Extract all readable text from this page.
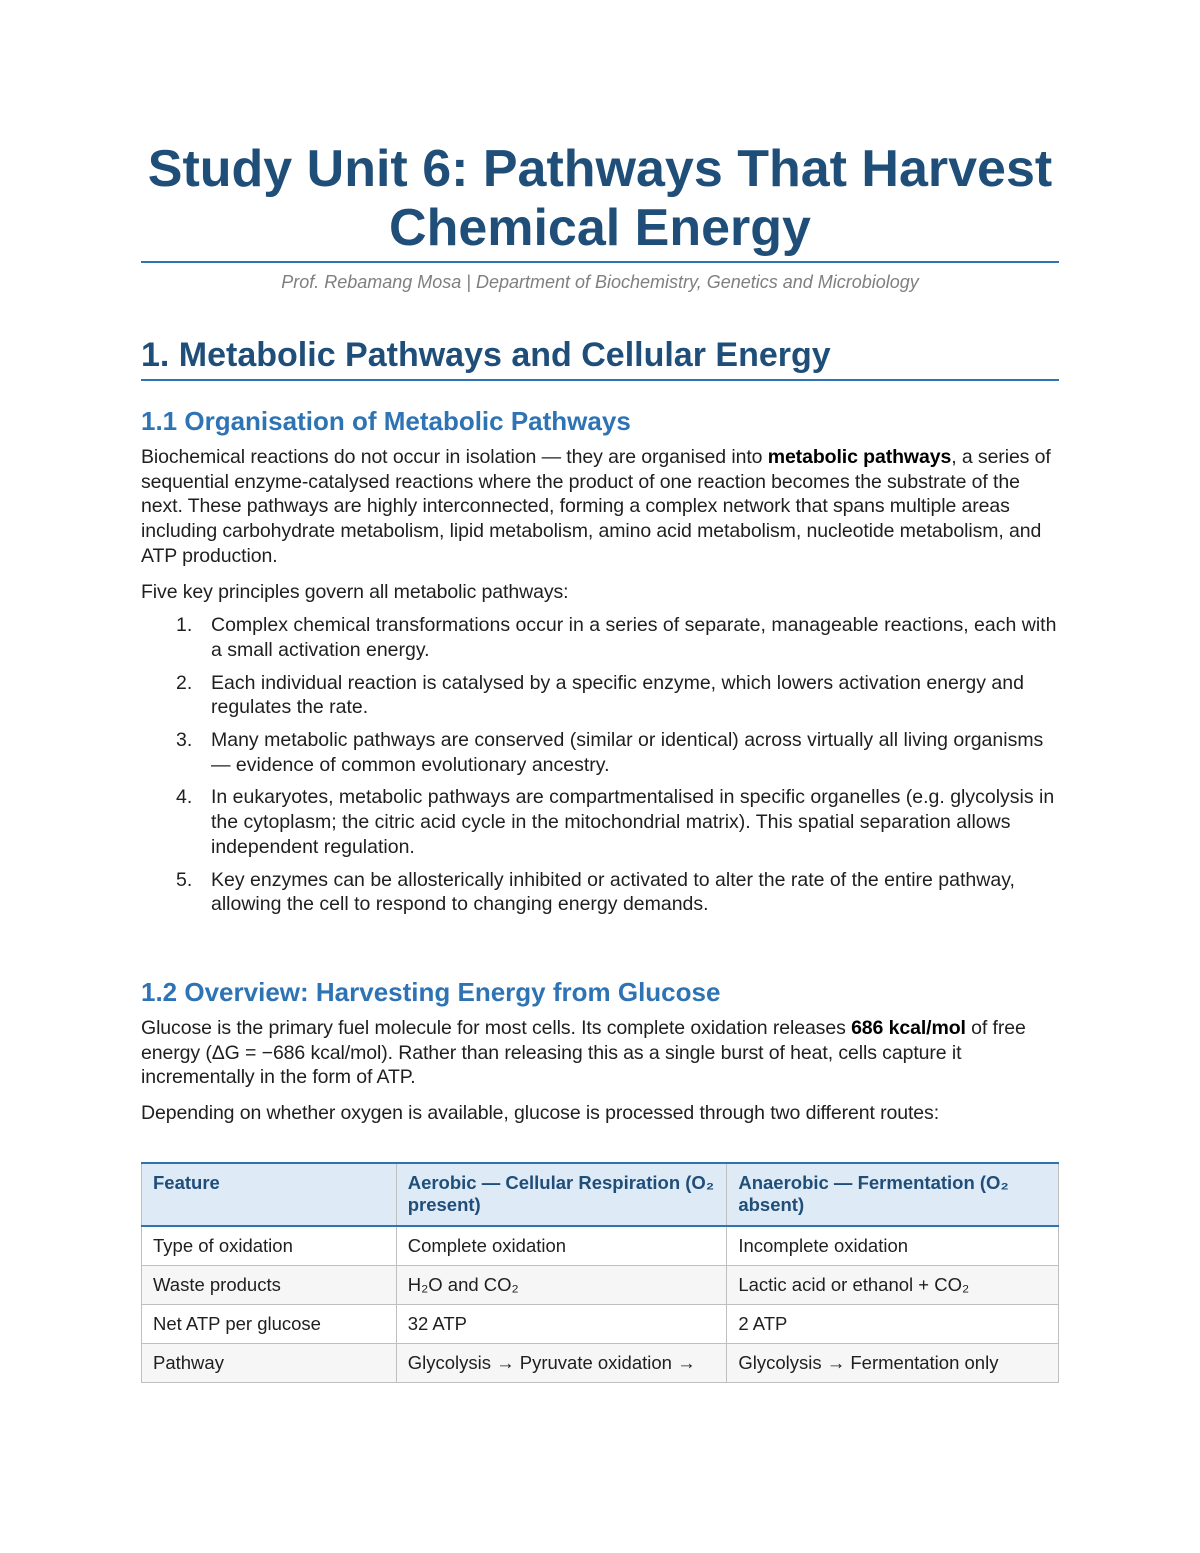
Study Unit 6: Pathways That Harvest Chemical Energy
Prof. Rebamang Mosa | Department of Biochemistry, Genetics and Microbiology
1. Metabolic Pathways and Cellular Energy
1.1 Organisation of Metabolic Pathways
Biochemical reactions do not occur in isolation — they are organised into metabolic pathways, a series of sequential enzyme-catalysed reactions where the product of one reaction becomes the substrate of the next. These pathways are highly interconnected, forming a complex network that spans multiple areas including carbohydrate metabolism, lipid metabolism, amino acid metabolism, nucleotide metabolism, and ATP production.
Five key principles govern all metabolic pathways:
1. Complex chemical transformations occur in a series of separate, manageable reactions, each with a small activation energy.
2. Each individual reaction is catalysed by a specific enzyme, which lowers activation energy and regulates the rate.
3. Many metabolic pathways are conserved (similar or identical) across virtually all living organisms — evidence of common evolutionary ancestry.
4. In eukaryotes, metabolic pathways are compartmentalised in specific organelles (e.g. glycolysis in the cytoplasm; the citric acid cycle in the mitochondrial matrix). This spatial separation allows independent regulation.
5. Key enzymes can be allosterically inhibited or activated to alter the rate of the entire pathway, allowing the cell to respond to changing energy demands.
1.2 Overview: Harvesting Energy from Glucose
Glucose is the primary fuel molecule for most cells. Its complete oxidation releases 686 kcal/mol of free energy (ΔG = −686 kcal/mol). Rather than releasing this as a single burst of heat, cells capture it incrementally in the form of ATP.
Depending on whether oxygen is available, glucose is processed through two different routes:
Feature	Aerobic — Cellular Respiration (O₂ present)	Anaerobic — Fermentation (O₂ absent)
Type of oxidation	Complete oxidation	Incomplete oxidation
Waste products	H₂O and CO₂	Lactic acid or ethanol + CO₂
Net ATP per glucose	32 ATP	2 ATP
Pathway	Glycolysis → Pyruvate oxidation →	Glycolysis → Fermentation only
